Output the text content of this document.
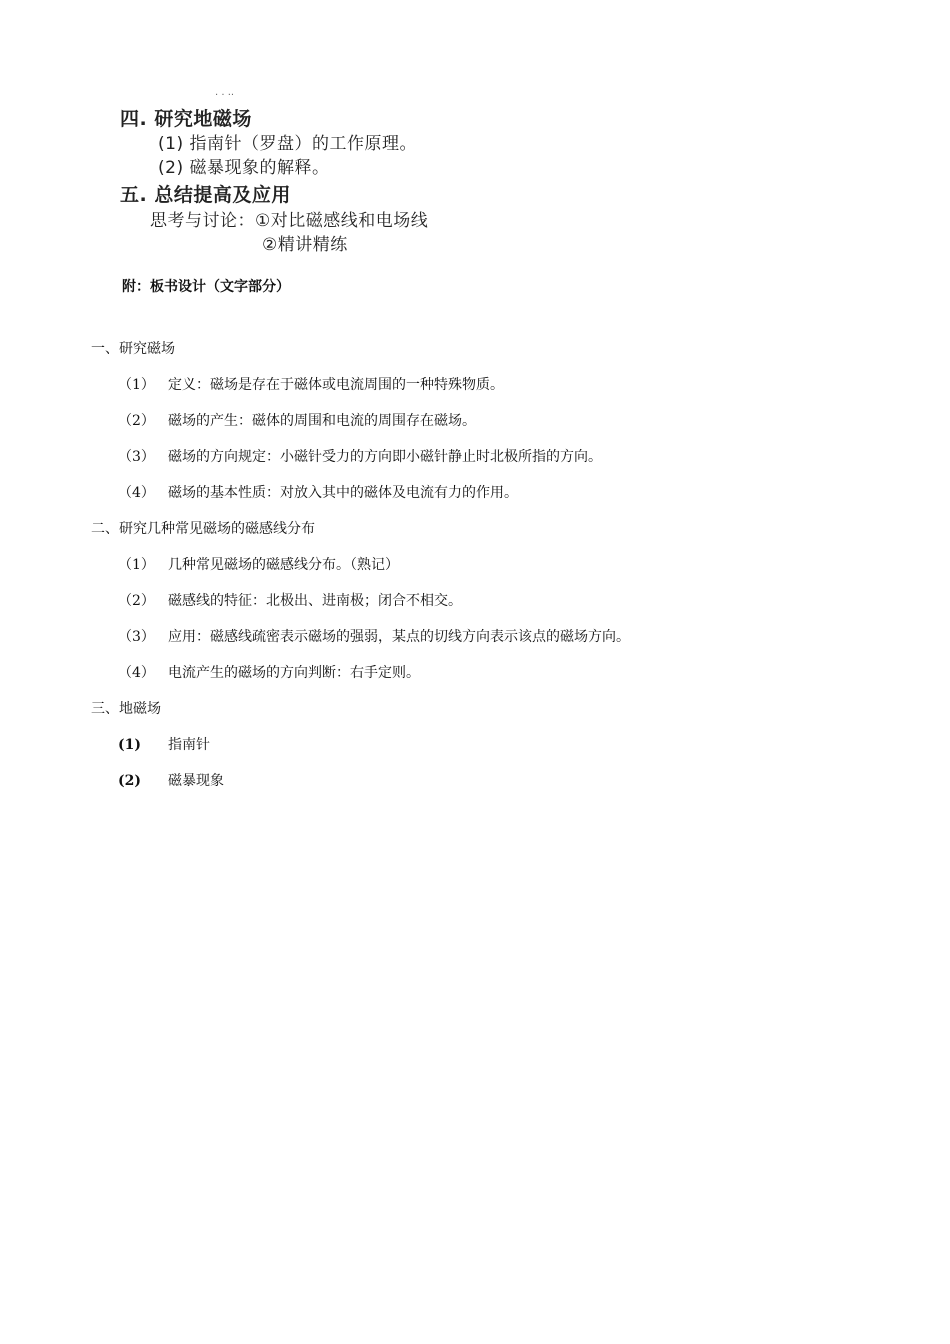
· · ··
四. 研究地磁场
(1) 指南针（罗盘）的工作原理。
(2) 磁暴现象的解释。
五. 总结提高及应用
思考与讨论：①对比磁感线和电场线
②精讲精练
附：板书设计（文字部分）
一、研究磁场
（1） 定义：磁场是存在于磁体或电流周围的一种特殊物质。
（2） 磁场的产生：磁体的周围和电流的周围存在磁场。
（3） 磁场的方向规定：小磁针受力的方向即小磁针静止时北极所指的方向。
（4） 磁场的基本性质：对放入其中的磁体及电流有力的作用。
二、研究几种常见磁场的磁感线分布
（1） 几种常见磁场的磁感线分布。（熟记）
（2） 磁感线的特征：北极出、进南极；闭合不相交。
（3） 应用：磁感线疏密表示磁场的强弱，某点的切线方向表示该点的磁场方向。
（4） 电流产生的磁场的方向判断：右手定则。
三、地磁场
(1) 指南针
(2) 磁暴现象
